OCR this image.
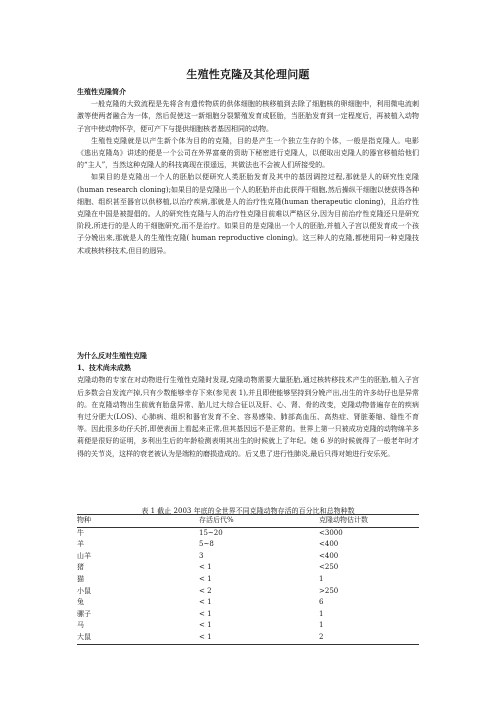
生殖性克隆及其伦理问题

生殖性克隆简介

一般克隆的大致流程是先将含有遗传物质的供体细胞的核移植到去除了细胞核的卵细胞中，利用微电流刺激等使两者融合为一体，然后促使这一新细胞分裂繁殖发育成胚胎，当胚胎发育到一定程度后，再被植入动物子宫中使动物怀孕，便可产下与提供细胞核者基因相同的动物。

生殖性克隆就是以产生新个体为目的的克隆，目的是产生一个独立生存的个体，一般是指克隆人。电影《逃出克隆岛》讲述的便是一个公司在外界富豪的资助下秘密进行克隆人，以便取出克隆人的器官移植给他们的“主人”，当然这种克隆人的科技离现在很遥远，其做法也不会被人们所接受的。

如果目的是克隆出一个人的胚胎以便研究人类胚胎发育及其中的基因调控过程,那就是人的研究性克隆(human research cloning);如果目的是克隆出一个人的胚胎并由此获得干细胞,然后操纵干细胞以使获得各种细胞、组织甚至器官以供移植,以治疗疾病,那就是人的治疗性克隆(human therapeutic cloning)，且治疗性克隆在中国是被提倡的。人的研究性克隆与人的治疗性克隆目前难以严格区分,因为目前治疗性克隆还只是研究阶段,所进行的是人的干细胞研究,而不是治疗。如果目的是克隆出一个人的胚胎,并植入子宫以便发育成一个孩子分娩出来,那就是人的生殖性克隆( human reproductive cloning)。这三种人的克隆,都使用同一种克隆技术或核转移技术,但目的迥异。

为什么反对生殖性克隆

1、技术尚未成熟

克隆动物的专家在对动物进行生殖性克隆时发现,克隆动物需要大量胚胎,通过核转移技术产生的胚胎,植入子宫后多数会自发流产掉,只有少数能够幸存下来(参见表 1),并且即使能够坚持到分娩产出,出生的许多幼仔也是异常的。在克隆动物出生前就有胎盘异常、胎儿过大综合征以及肝、心、肾、骨的改变，克隆动物普遍存在的疾病有过分肥大(LOS)、心肺病、组织和器官发育不全、容易感染、肺部高血压、高热症、肾脏萎缩、缝性不育等。因此很多幼仔夭折,即使表面上看起来正常,但其基因远不是正常的。世界上第一只被成功克隆的动物绵羊多莉便是很好的证明，多利出生后的年龄检测表明其出生的时候就上了年纪。她 6 岁的时候就得了一般老年时才得的关节炎，这样的衰老被认为是端粒的磨损造成的。后又患了进行性肺炎,最后只得对她进行安乐死。

表 1 截止 2003 年底的全世界不同克隆动物存活的百分比和总物种数
物种	存活后代%	克隆动物估计数
牛	15~20	<3000
羊	5~8	<400
山羊	3	<400
猪	< 1	<250
猫	< 1	1
小鼠	< 2	>250
兔	< 1	6
骡子	< 1	1
马	< 1	1
大鼠	< 1	2
